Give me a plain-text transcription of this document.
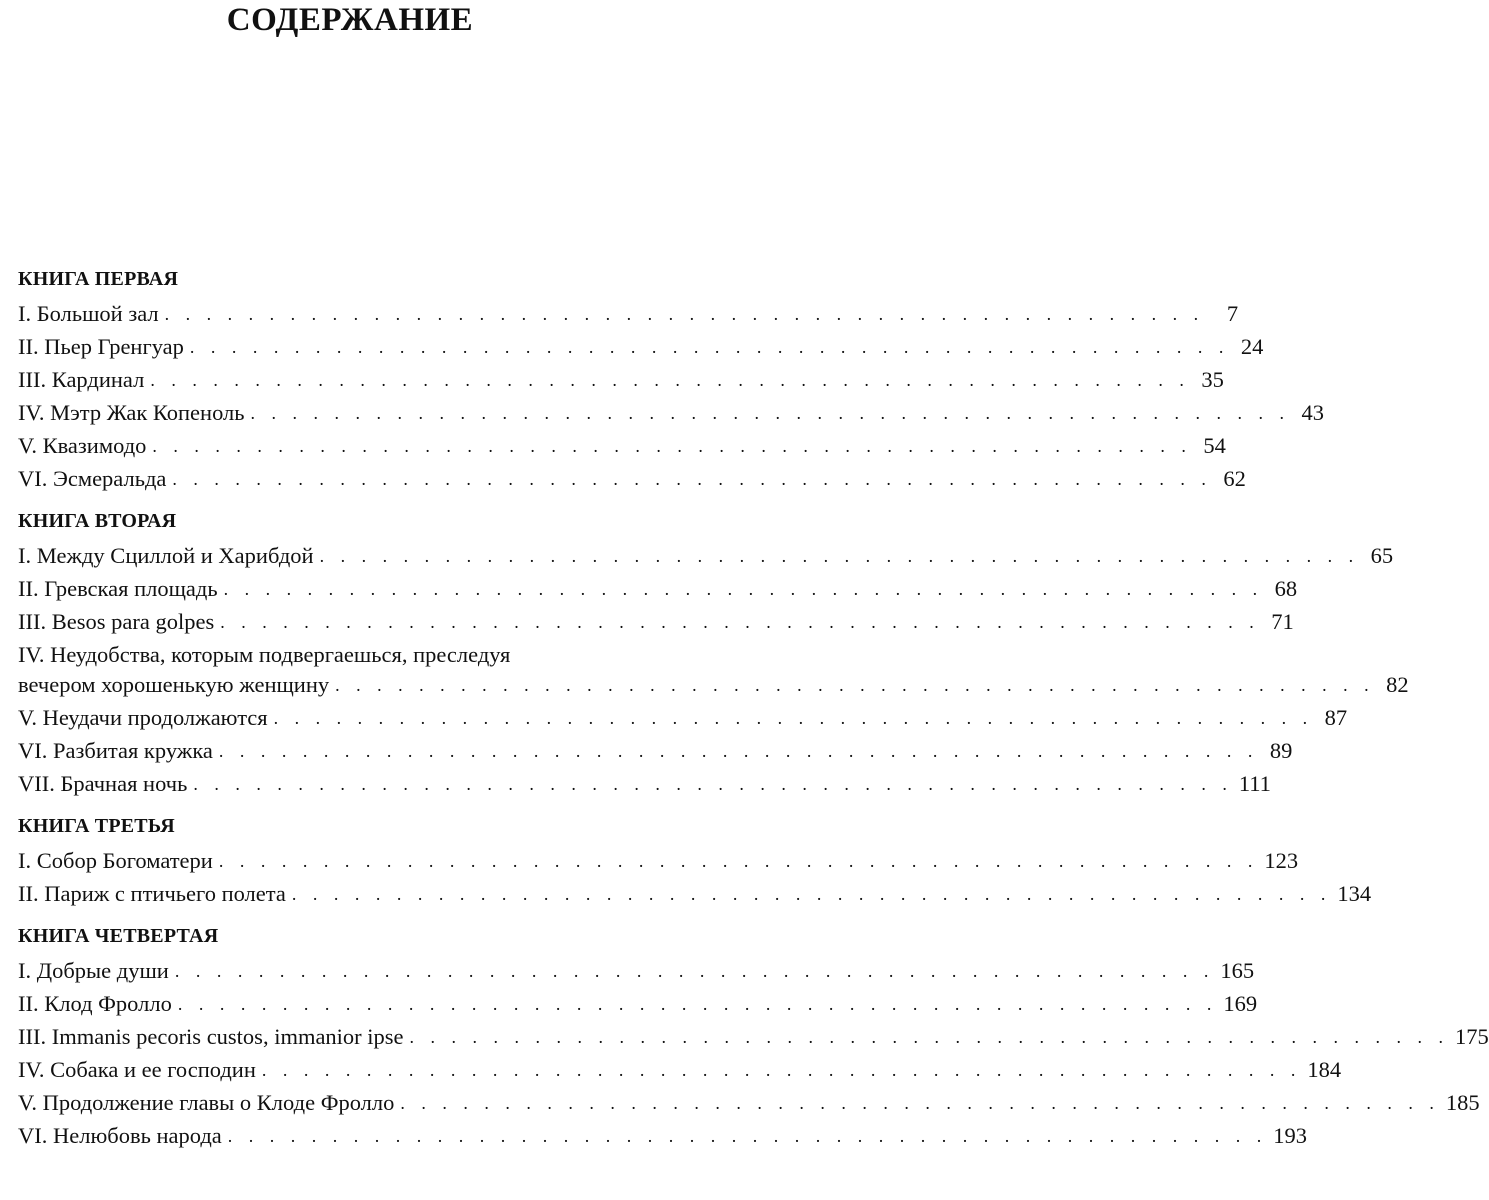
СОДЕРЖАНИЕ
КНИГА ПЕРВАЯ
I. Большой зал . . . . . . . . . . . . . . . . . . . . . . . . . . . . . . . . . . . . . . . . . . . . . . . . . .	7
II. Пьер Гренгуар . . . . . . . . . . . . . . . . . . . . . . . . . . . . . . . . . . . . . . . . . . . . . . . . . . 24
III. Кардинал . . . . . . . . . . . . . . . . . . . . . . . . . . . . . . . . . . . . . . . . . . . . . . . . . . 35
IV. Мэтр Жак Копеноль . . . . . . . . . . . . . . . . . . . . . . . . . . . . . . . . . . . . . . . . . . . . . . . . . . 43
V. Квазимодо . . . . . . . . . . . . . . . . . . . . . . . . . . . . . . . . . . . . . . . . . . . . . . . . . . 54
VI. Эсмеральда . . . . . . . . . . . . . . . . . . . . . . . . . . . . . . . . . . . . . . . . . . . . . . . . . . 62
КНИГА ВТОРАЯ
I. Между Сциллой и Харибдой . . . . . . . . . . . . . . . . . . . . . . . . . . . . . . . . . . . . . . . . . . . . . . . . . . 65
II. Гревская площадь . . . . . . . . . . . . . . . . . . . . . . . . . . . . . . . . . . . . . . . . . . . . . . . . . . 68
III. Besos para golpes . . . . . . . . . . . . . . . . . . . . . . . . . . . . . . . . . . . . . . . . . . . . . . . . . . 71
IV. Неудобства, которым подвергаешься, преследуя
вечером хорошенькую женщину . . . . . . . . . . . . . . . . . . . . . . . . . . . . . . . . . . . . . . . . . . . . . . . . . . 82
V. Неудачи продолжаются . . . . . . . . . . . . . . . . . . . . . . . . . . . . . . . . . . . . . . . . . . . . . . . . . . 87
VI. Разбитая кружка . . . . . . . . . . . . . . . . . . . . . . . . . . . . . . . . . . . . . . . . . . . . . . . . . . 89
VII. Брачная ночь . . . . . . . . . . . . . . . . . . . . . . . . . . . . . . . . . . . . . . . . . . . . . . . . . . 111
КНИГА ТРЕТЬЯ
I. Собор Богоматери . . . . . . . . . . . . . . . . . . . . . . . . . . . . . . . . . . . . . . . . . . . . . . . . . . 123
II. Париж с птичьего полета . . . . . . . . . . . . . . . . . . . . . . . . . . . . . . . . . . . . . . . . . . . . . . . . . . 134
КНИГА ЧЕТВЕРТАЯ
I. Добрые души . . . . . . . . . . . . . . . . . . . . . . . . . . . . . . . . . . . . . . . . . . . . . . . . . . 165
II. Клод Фролло . . . . . . . . . . . . . . . . . . . . . . . . . . . . . . . . . . . . . . . . . . . . . . . . . . 169
III. Immanis pecoris custos, immanior ipse . . . . . . . . . . . . . . . . . . . . . . . . . . . . . . . . . . . . . . . . . . . . . . . . . . 175
IV. Собака и ее господин . . . . . . . . . . . . . . . . . . . . . . . . . . . . . . . . . . . . . . . . . . . . . . . . . . 184
V. Продолжение главы о Клоде Фролло . . . . . . . . . . . . . . . . . . . . . . . . . . . . . . . . . . . . . . . . . . . . . . . . . . 185
VI. Нелюбовь народа . . . . . . . . . . . . . . . . . . . . . . . . . . . . . . . . . . . . . . . . . . . . . . . . . . 193
